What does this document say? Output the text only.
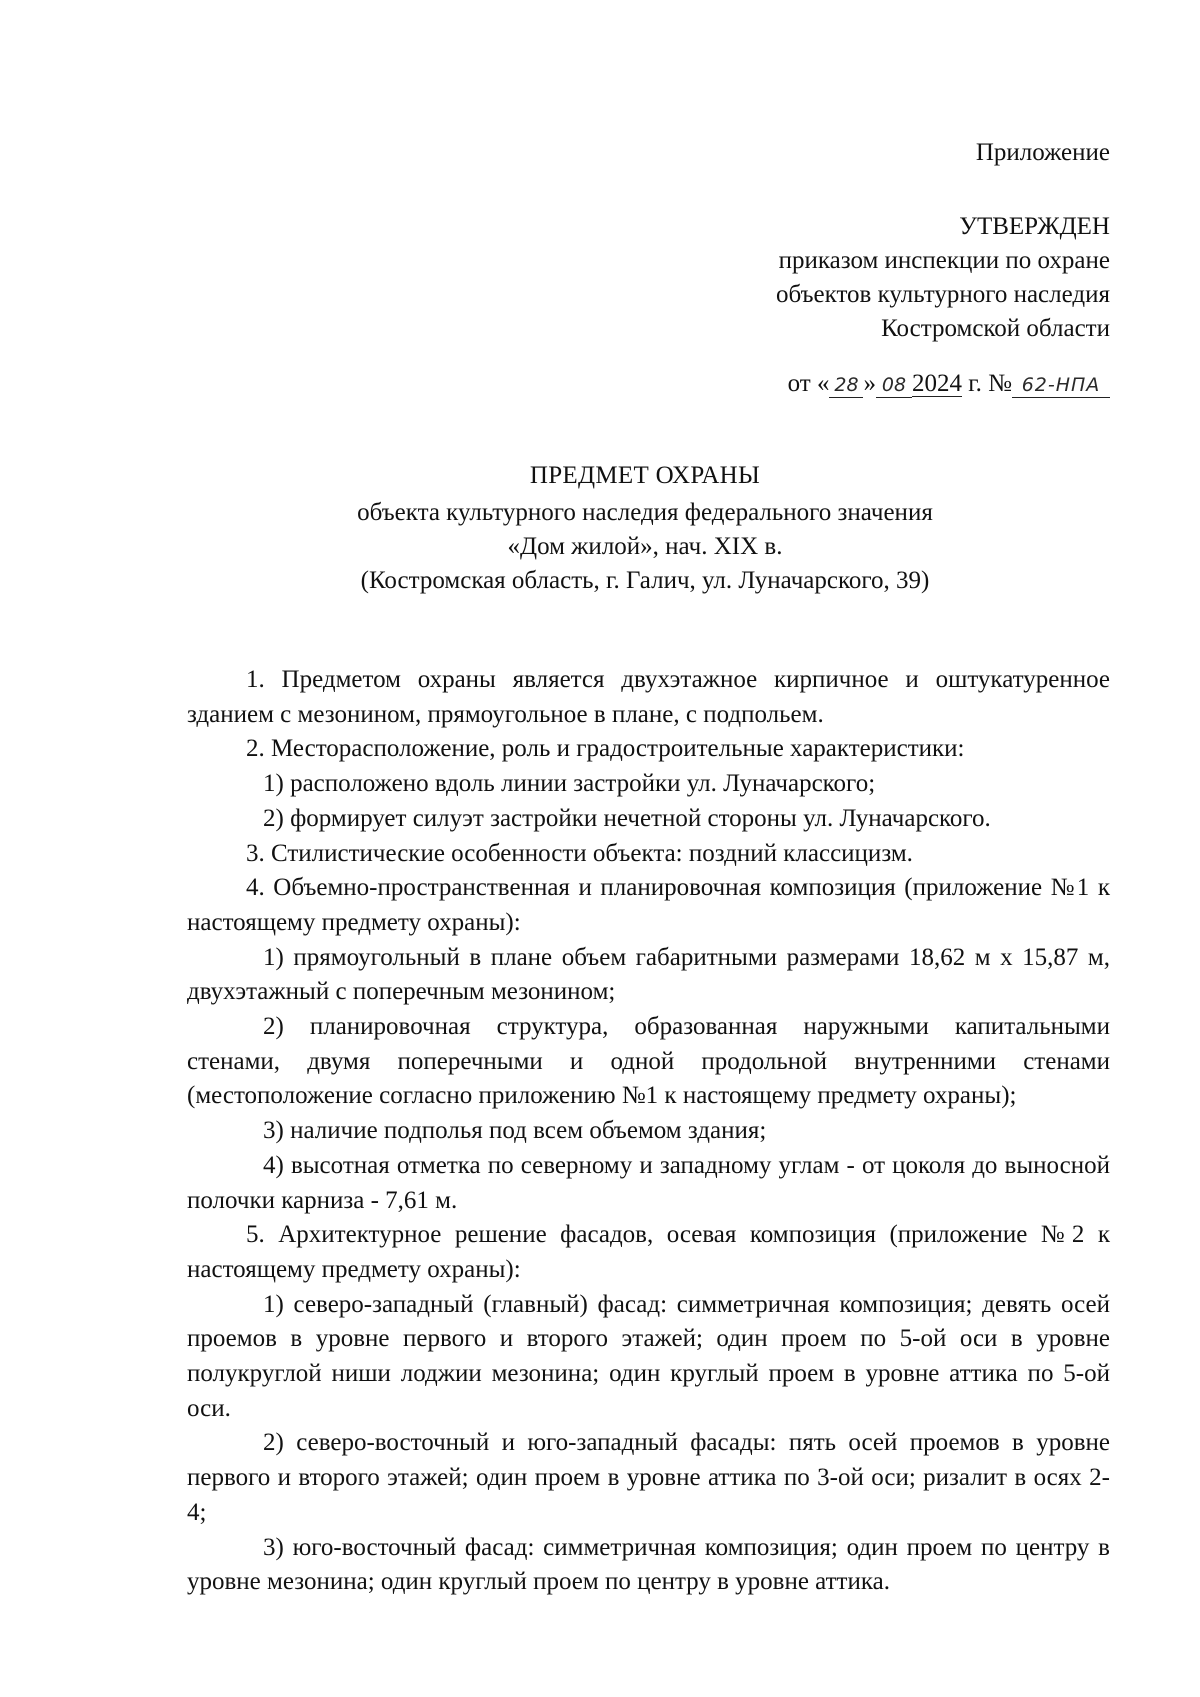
Приложение
УТВЕРЖДЕН
приказом инспекции по охране
объектов культурного наследия
Костромской области
от « 28 » 08 2024 г. № 62-НПА
ПРЕДМЕТ ОХРАНЫ
объекта культурного наследия федерального значения
«Дом жилой», нач. XIX в.
(Костромская область, г. Галич, ул. Луначарского, 39)

1. Предметом охраны является двухэтажное кирпичное и оштукатуренное зданием с мезонином, прямоугольное в плане, с подпольем.

2. Месторасположение, роль и градостроительные характеристики:

1) расположено вдоль линии застройки ул. Луначарского;

2) формирует силуэт застройки нечетной стороны ул. Луначарского.

3. Стилистические особенности объекта: поздний классицизм.

4. Объемно-пространственная и планировочная композиция (приложение №1 к настоящему предмету охраны):

1) прямоугольный в плане объем габаритными размерами 18,62 м х 15,87 м, двухэтажный с поперечным мезонином;

2) планировочная структура, образованная наружными капитальными стенами, двумя поперечными и одной продольной внутренними стенами (местоположение согласно приложению №1 к настоящему предмету охраны);

3) наличие подполья под всем объемом здания;

4) высотная отметка по северному и западному углам - от цоколя до выносной полочки карниза - 7,61 м.

5. Архитектурное решение фасадов, осевая композиция (приложение №2 к настоящему предмету охраны):

1) северо-западный (главный) фасад: симметричная композиция; девять осей проемов в уровне первого и второго этажей; один проем по 5-ой оси в уровне полукруглой ниши лоджии мезонина; один круглый проем в уровне аттика по 5-ой оси.

2) северо-восточный и юго-западный фасады: пять осей проемов в уровне первого и второго этажей; один проем в уровне аттика по 3-ой оси; ризалит в осях 2-4;

3) юго-восточный фасад: симметричная композиция; один проем по центру в уровне мезонина; один круглый проем по центру в уровне аттика.
